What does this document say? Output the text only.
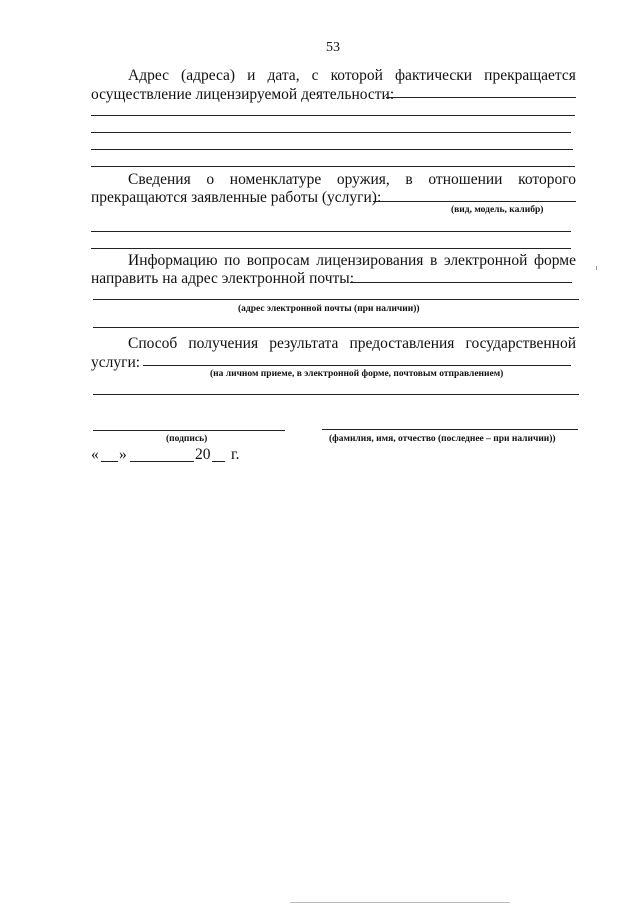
53
Адрес (адреса) и дата, с которой фактически прекращается
осуществление лицензируемой деятельности:
Сведения о номенклатуре оружия, в отношении которого
прекращаются заявленные работы (услуги):
(вид, модель, калибр)
Информацию по вопросам лицензирования в электронной форме
направить на адрес электронной почты:
(адрес электронной почты (при наличии))
Способ получения результата предоставления государственной
услуги:
(на личном приеме, в электронной форме, почтовым отправлением)
(подпись)	(фамилия, имя, отчество (последнее – при наличии))
« »	20 г.
